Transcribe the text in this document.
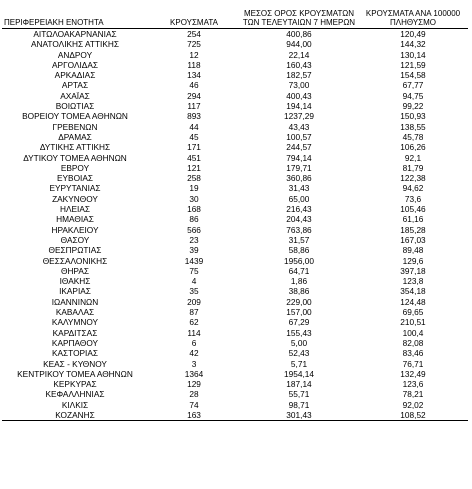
ΠΕΡΙΦΕΡΕΙΑΚΗ ΕΝΟΤΗΤΑ	ΚΡΟΥΣΜΑΤΑ	ΜΕΣΟΣ ΟΡΟΣ ΚΡΟΥΣΜΑΤΩΝ ΤΩΝ ΤΕΛΕΥΤΑΙΩΝ 7 ΗΜΕΡΩΝ	ΚΡΟΥΣΜΑΤΑ ΑΝΑ 100000 ΠΛΗΘΥΣΜΟ
ΑΙΤΩΛΟΑΚΑΡΝΑΝΙΑΣ	254	400,86	120,49
ΑΝΑΤΟΛΙΚΗΣ ΑΤΤΙΚΗΣ	725	944,00	144,32
ΑΝΔΡΟΥ	12	22,14	130,14
ΑΡΓΟΛΙΔΑΣ	118	160,43	121,59
ΑΡΚΑΔΙΑΣ	134	182,57	154,58
ΑΡΤΑΣ	46	73,00	67,77
ΑΧΑΪΑΣ	294	400,43	94,75
ΒΟΙΩΤΙΑΣ	117	194,14	99,22
ΒΟΡΕΙΟΥ ΤΟΜΕΑ ΑΘΗΝΩΝ	893	1237,29	150,93
ΓΡΕΒΕΝΩΝ	44	43,43	138,55
ΔΡΑΜΑΣ	45	100,57	45,78
ΔΥΤΙΚΗΣ ΑΤΤΙΚΗΣ	171	244,57	106,26
ΔΥΤΙΚΟΥ ΤΟΜΕΑ ΑΘΗΝΩΝ	451	794,14	92,1
ΕΒΡΟΥ	121	179,71	81,79
ΕΥΒΟΙΑΣ	258	360,86	122,38
ΕΥΡΥΤΑΝΙΑΣ	19	31,43	94,62
ΖΑΚΥΝΘΟΥ	30	65,00	73,6
ΗΛΕΙΑΣ	168	216,43	105,46
ΗΜΑΘΙΑΣ	86	204,43	61,16
ΗΡΑΚΛΕΙΟΥ	566	763,86	185,28
ΘΑΣΟΥ	23	31,57	167,03
ΘΕΣΠΡΩΤΙΑΣ	39	58,86	89,48
ΘΕΣΣΑΛΟΝΙΚΗΣ	1439	1956,00	129,6
ΘΗΡΑΣ	75	64,71	397,18
ΙΘΑΚΗΣ	4	1,86	123,8
ΙΚΑΡΙΑΣ	35	38,86	354,18
ΙΩΑΝΝΙΝΩΝ	209	229,00	124,48
ΚΑΒΑΛΑΣ	87	157,00	69,65
ΚΑΛΥΜΝΟΥ	62	67,29	210,51
ΚΑΡΔΙΤΣΑΣ	114	155,43	100,4
ΚΑΡΠΑΘΟΥ	6	5,00	82,08
ΚΑΣΤΟΡΙΑΣ	42	52,43	83,46
ΚΕΑΣ - ΚΥΘΝΟΥ	3	5,71	76,71
ΚΕΝΤΡΙΚΟΥ ΤΟΜΕΑ ΑΘΗΝΩΝ	1364	1954,14	132,49
ΚΕΡΚΥΡΑΣ	129	187,14	123,6
ΚΕΦΑΛΛΗΝΙΑΣ	28	55,71	78,21
ΚΙΛΚΙΣ	74	98,71	92,02
ΚΟΖΑΝΗΣ	163	301,43	108,52
